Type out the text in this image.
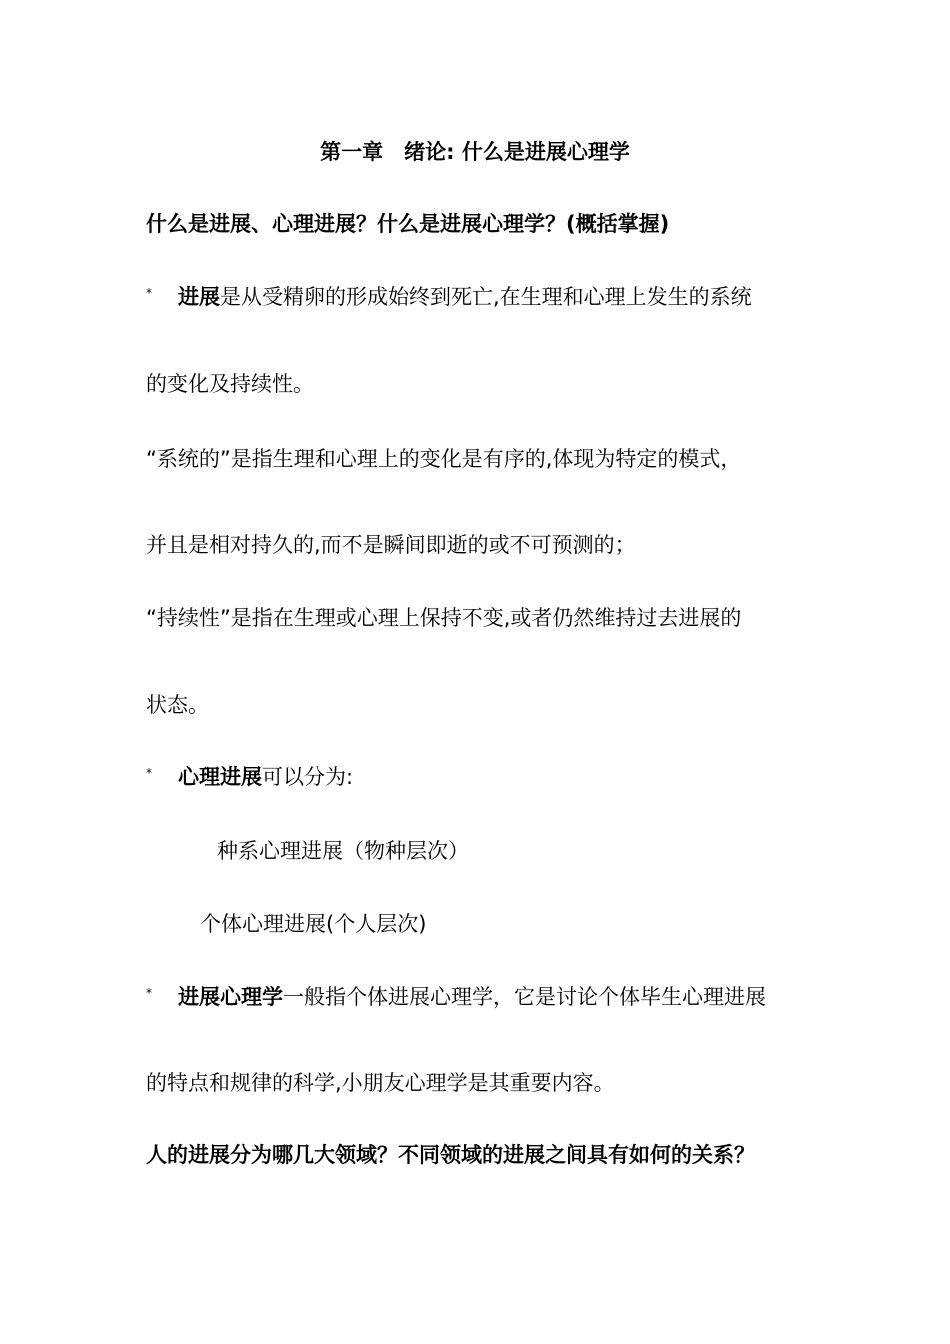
第一章　绪论: 什么是进展心理学
什么是进展、心理进展？什么是进展心理学？(概括掌握)
* 进展是从受精卵的形成始终到死亡,在生理和心理上发生的系统
的变化及持续性。
“系统的”是指生理和心理上的变化是有序的,体现为特定的模式，
并且是相对持久的,而不是瞬间即逝的或不可预测的；
“持续性”是指在生理或心理上保持不变,或者仍然维持过去进展的
状态。
* 心理进展可以分为:
种系心理进展（物种层次）
个体心理进展(个人层次)
* 进展心理学一般指个体进展心理学，它是讨论个体毕生心理进展
的特点和规律的科学,小朋友心理学是其重要内容。
人的进展分为哪几大领域？不同领域的进展之间具有如何的关系？
